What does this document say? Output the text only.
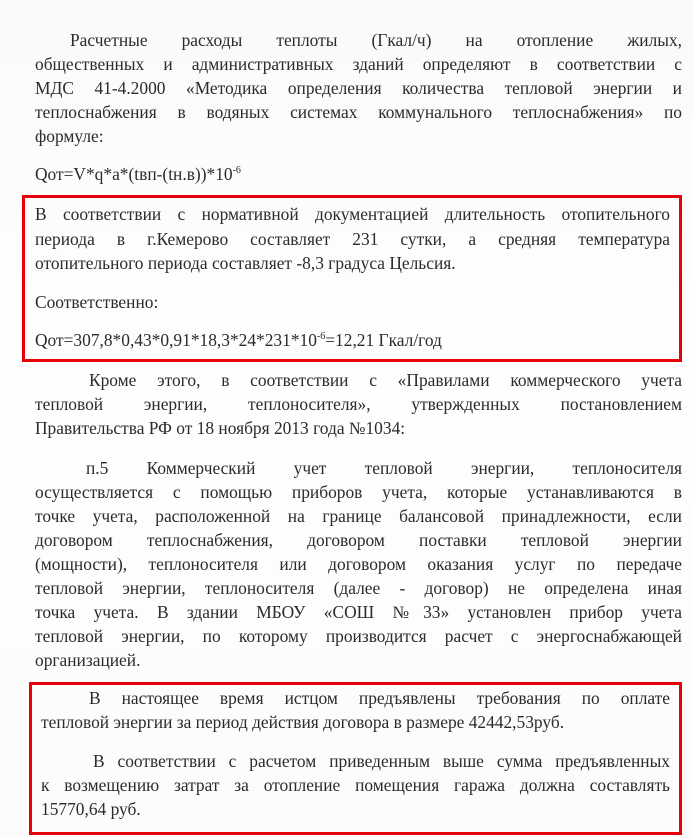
Расчетные расходы теплоты (Гкал/ч) на отопление жилых,
общественных и административных зданий определяют в соответствии с
МДС 41-4.2000 «Методика определения количества тепловой энергии и
теплоснабжения в водяных системах коммунального теплоснабжения» по
формуле:
$Qот=V*q*a*(tвп-(tн.в))*10^{-6}$
В соответствии с нормативной документацией длительность отопительного
периода в г.Кемерово составляет 231 сутки, а средняя температура
отопительного периода составляет -8,3 градуса Цельсия.
Соответственно:
$Qот=307,8*0,43*0,91*18,3*24*231*10^{-6}=12,21$ Гкал/год
Кроме этого, в соответствии с «Правилами коммерческого учета
тепловой энергии, теплоносителя», утвержденных постановлением
Правительства РФ от 18 ноября 2013 года №1034:
п.5 Коммерческий учет тепловой энергии, теплоносителя
осуществляется с помощью приборов учета, которые устанавливаются в
точке учета, расположенной на границе балансовой принадлежности, если
договором теплоснабжения, договором поставки тепловой энергии
(мощности), теплоносителя или договором оказания услуг по передаче
тепловой энергии, теплоносителя (далее - договор) не определена иная
точка учета. В здании МБОУ «СОШ №33» установлен прибор учета
тепловой энергии, по которому производится расчет с энергоснабжающей
организацией.
В настоящее время истцом предъявлены требования по оплате
тепловой энергии за период действия договора в размере 42442,53руб.
В соответствии с расчетом приведенным выше сумма предъявленных
к возмещению затрат за отопление помещения гаража должна составлять
15770,64 руб.
